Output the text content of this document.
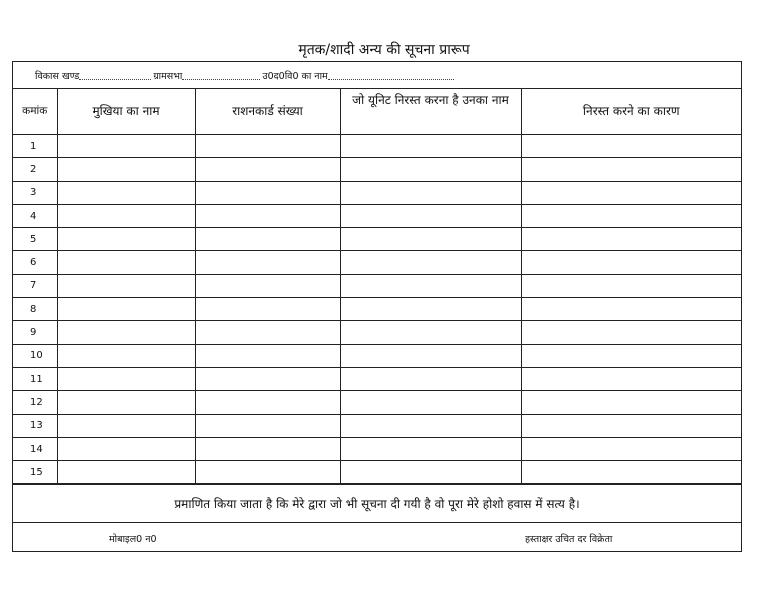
मृतक/शादी अन्य की सूचना प्रारूप
विकास खण्ड	ग्रामसभा	उ0द0वि0 का नाम
कमांक	मुखिया का नाम	राशनकार्ड संख्या	जो यूनिट निरस्त करना है उनका नाम	निरस्त करने का कारण
1				
2				
3				
4				
5				
6				
7				
8				
9				
10				
11				
12				
13				
14				
15				
प्रमाणित किया जाता है कि मेरे द्वारा जो भी सूचना दी गयी है वो पूरा मेरे होशो हवास में सत्य है।
मोबाइल0 न0	हस्ताक्षर उचित दर विक्रेता
